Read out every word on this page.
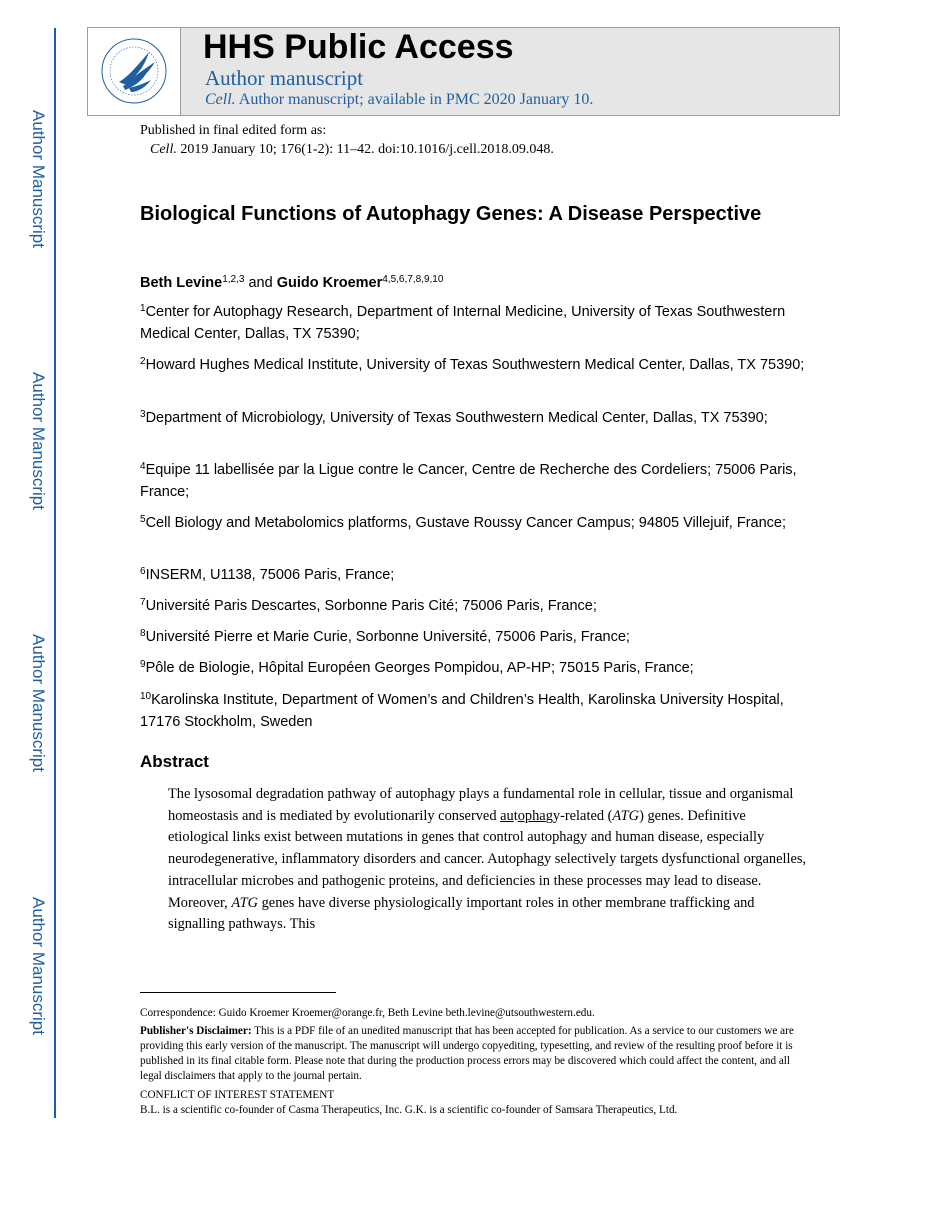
Author Manuscript
Author Manuscript
Author Manuscript
Author Manuscript
HHS Public Access
Author manuscript
Cell. Author manuscript; available in PMC 2020 January 10.
Published in final edited form as:
Cell. 2019 January 10; 176(1-2): 11–42. doi:10.1016/j.cell.2018.09.048.
Biological Functions of Autophagy Genes: A Disease Perspective
Beth Levine$^{1,2,3}$ and Guido Kroemer$^{4,5,6,7,8,9,10}$
$^1$Center for Autophagy Research, Department of Internal Medicine, University of Texas Southwestern Medical Center, Dallas, TX 75390;
$^2$Howard Hughes Medical Institute, University of Texas Southwestern Medical Center, Dallas, TX 75390;
$^3$Department of Microbiology, University of Texas Southwestern Medical Center, Dallas, TX 75390;
$^4$Equipe 11 labellisée par la Ligue contre le Cancer, Centre de Recherche des Cordeliers; 75006 Paris, France;
$^5$Cell Biology and Metabolomics platforms, Gustave Roussy Cancer Campus; 94805 Villejuif, France;
$^6$INSERM, U1138, 75006 Paris, France;
$^7$Université Paris Descartes, Sorbonne Paris Cité; 75006 Paris, France;
$^8$Université Pierre et Marie Curie, Sorbonne Université, 75006 Paris, France;
$^9$Pôle de Biologie, Hôpital Européen Georges Pompidou, AP-HP; 75015 Paris, France;
$^{10}$Karolinska Institute, Department of Women’s and Children’s Health, Karolinska University Hospital, 17176 Stockholm, Sweden
Abstract
The lysosomal degradation pathway of autophagy plays a fundamental role in cellular, tissue and organismal homeostasis and is mediated by evolutionarily conserved autophagy-related (ATG) genes. Definitive etiological links exist between mutations in genes that control autophagy and human disease, especially neurodegenerative, inflammatory disorders and cancer. Autophagy selectively targets dysfunctional organelles, intracellular microbes and pathogenic proteins, and deficiencies in these processes may lead to disease. Moreover, ATG genes have diverse physiologically important roles in other membrane trafficking and signalling pathways. This
Correspondence: Guido Kroemer Kroemer@orange.fr, Beth Levine beth.levine@utsouthwestern.edu.
Publisher's Disclaimer: This is a PDF file of an unedited manuscript that has been accepted for publication. As a service to our customers we are providing this early version of the manuscript. The manuscript will undergo copyediting, typesetting, and review of the resulting proof before it is published in its final citable form. Please note that during the production process errors may be discovered which could affect the content, and all legal disclaimers that apply to the journal pertain.
CONFLICT OF INTEREST STATEMENT
B.L. is a scientific co-founder of Casma Therapeutics, Inc. G.K. is a scientific co-founder of Samsara Therapeutics, Ltd.
